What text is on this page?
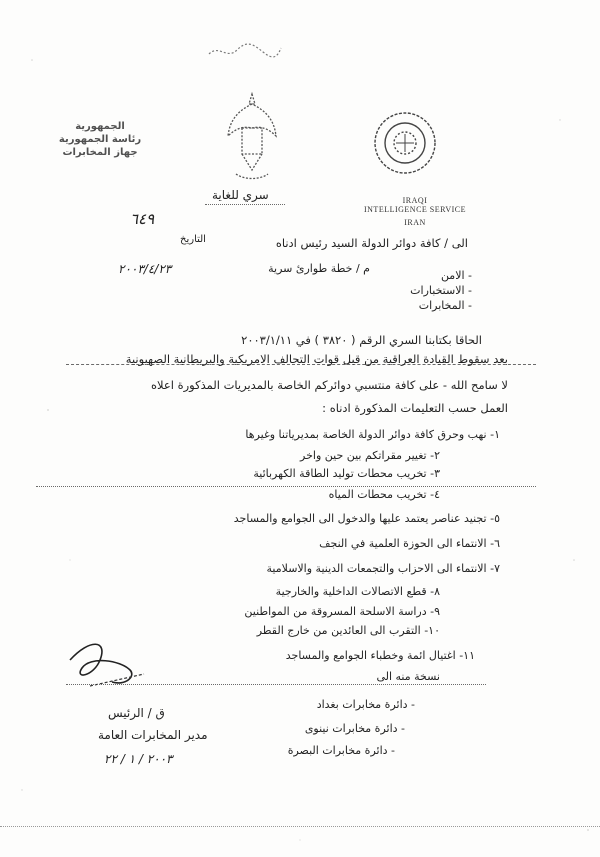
الجمهورية
رئاسة الجمهورية
جهاز المخابرات
IRAQI
INTELLIGENCE SERVICE
IRAN
سري للغاية
٦٤٩
التاريخ
٢٠٠٣/٤/٢٣
الى / كافة دوائر الدولة السيد رئيس ادناه
م / خطة طوارئ سرية
- الامن
- الاستخبارات
- المخابرات
الحاقا بكتابنا السري الرقم ( ٣٨٢٠ ) في ٢٠٠٣/١/١١
بعد سقوط القيادة العراقية من قبل قوات التحالف الامريكية والبريطانية الصهيونية
لا سامح الله - على كافة منتسبي دوائركم الخاصة بالمديريات المذكورة اعلاه
العمل حسب التعليمات المذكورة ادناه :
١- نهب وحرق كافة دوائر الدولة الخاصة بمديرياتنا وغيرها
٢- تغيير مقراتكم بين حين واخر
٣- تخريب محطات توليد الطاقة الكهربائية
٤- تخريب محطات المياه
٥- تجنيد عناصر يعتمد عليها والدخول الى الجوامع والمساجد
٦- الانتماء الى الحوزة العلمية في النجف
٧- الانتماء الى الاحزاب والتجمعات الدينية والاسلامية
٨- قطع الاتصالات الداخلية والخارجية
٩- دراسة الاسلحة المسروقة من المواطنين
١٠- التقرب الى العائدين من خارج القطر
١١- اغتيال ائمة وخطباء الجوامع والمساجد
نسخة منه الى
- دائرة مخابرات بغداد
- دائرة مخابرات نينوى
- دائرة مخابرات البصرة
ق / الرئيس
مدير المخابرات العامة
٢٠٠٣ / ١ / ٢٢
